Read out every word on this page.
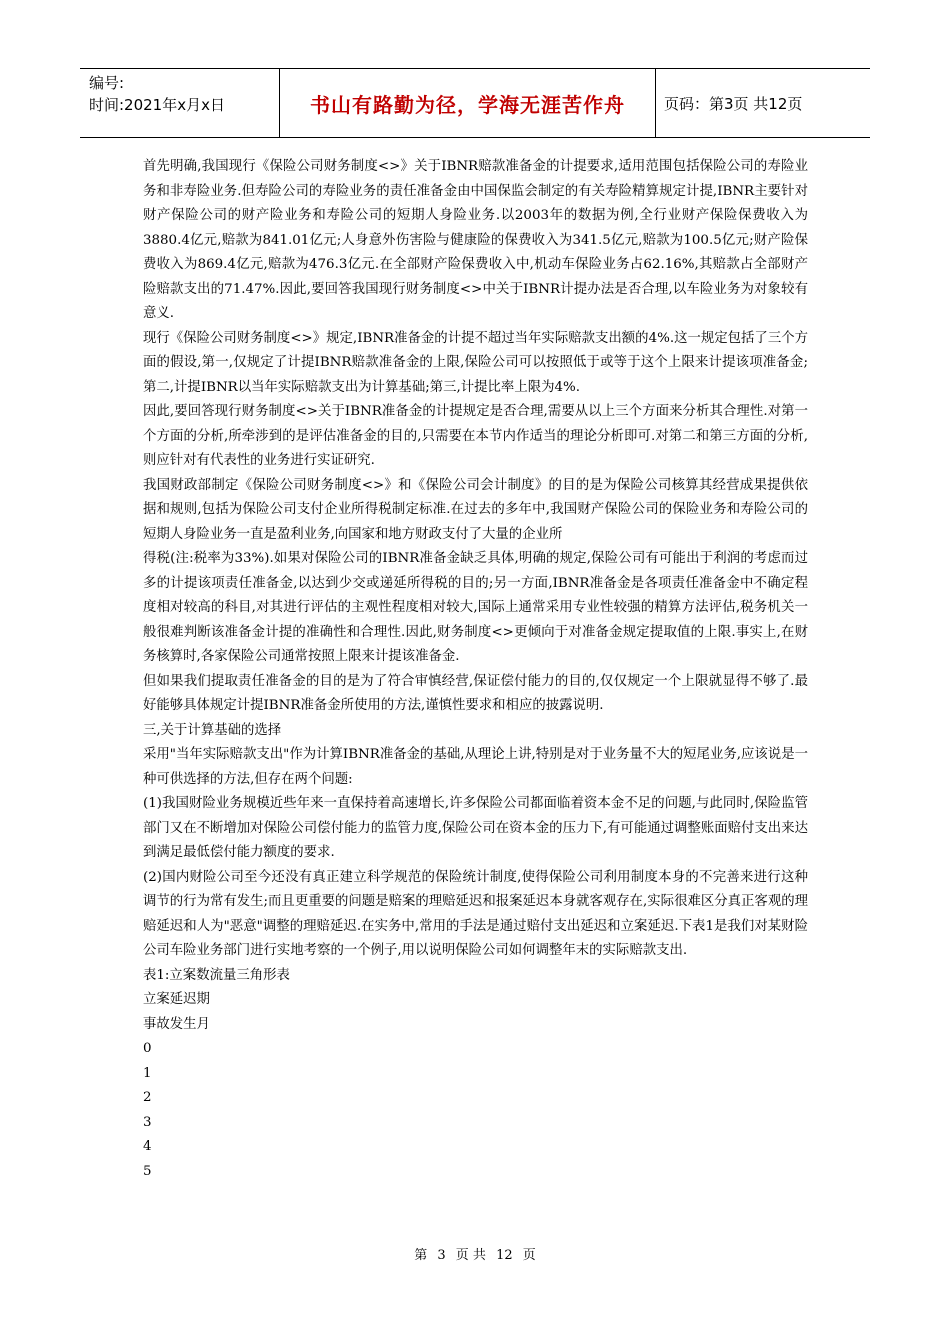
编号:
时间:2021年x月x日	书山有路勤为径，学海无涯苦作舟	页码：第3页 共12页

首先明确,我国现行《保险公司财务制度<>》关于IBNR赔款准备金的计提要求,适用范围包括保险公司的寿险业务和非寿险业务.但寿险公司的寿险业务的责任准备金由中国保监会制定的有关寿险精算规定计提,IBNR主要针对财产保险公司的财产险业务和寿险公司的短期人身险业务.以2003年的数据为例,全行业财产保险保费收入为3880.4亿元,赔款为841.01亿元;人身意外伤害险与健康险的保费收入为341.5亿元,赔款为100.5亿元;财产险保费收入为869.4亿元,赔款为476.3亿元.在全部财产险保费收入中,机动车保险业务占62.16%,其赔款占全部财产险赔款支出的71.47%.因此,要回答我国现行财务制度<>中关于IBNR计提办法是否合理,以车险业务为对象较有意义.

现行《保险公司财务制度<>》规定,IBNR准备金的计提不超过当年实际赔款支出额的4%.这一规定包括了三个方面的假设,第一,仅规定了计提IBNR赔款准备金的上限,保险公司可以按照低于或等于这个上限来计提该项准备金;第二,计提IBNR以当年实际赔款支出为计算基础;第三,计提比率上限为4%.

因此,要回答现行财务制度<>关于IBNR准备金的计提规定是否合理,需要从以上三个方面来分析其合理性.对第一个方面的分析,所牵涉到的是评估准备金的目的,只需要在本节内作适当的理论分析即可.对第二和第三方面的分析,则应针对有代表性的业务进行实证研究.

我国财政部制定《保险公司财务制度<>》和《保险公司会计制度》的目的是为保险公司核算其经营成果提供依据和规则,包括为保险公司支付企业所得税制定标准.在过去的多年中,我国财产保险公司的保险业务和寿险公司的短期人身险业务一直是盈利业务,向国家和地方财政支付了大量的企业所

得税(注:税率为33%).如果对保险公司的IBNR准备金缺乏具体,明确的规定,保险公司有可能出于利润的考虑而过多的计提该项责任准备金,以达到少交或递延所得税的目的;另一方面,IBNR准备金是各项责任准备金中不确定程度相对较高的科目,对其进行评估的主观性程度相对较大,国际上通常采用专业性较强的精算方法评估,税务机关一般很难判断该准备金计提的准确性和合理性.因此,财务制度<>更倾向于对准备金规定提取值的上限.事实上,在财务核算时,各家保险公司通常按照上限来计提该准备金.

但如果我们提取责任准备金的目的是为了符合审慎经营,保证偿付能力的目的,仅仅规定一个上限就显得不够了.最好能够具体规定计提IBNR准备金所使用的方法,谨慎性要求和相应的披露说明.

三,关于计算基础的选择

采用"当年实际赔款支出"作为计算IBNR准备金的基础,从理论上讲,特别是对于业务量不大的短尾业务,应该说是一种可供选择的方法,但存在两个问题:

(1)我国财险业务规模近些年来一直保持着高速增长,许多保险公司都面临着资本金不足的问题,与此同时,保险监管部门又在不断增加对保险公司偿付能力的监管力度,保险公司在资本金的压力下,有可能通过调整账面赔付支出来达到满足最低偿付能力额度的要求.

(2)国内财险公司至今还没有真正建立科学规范的保险统计制度,使得保险公司利用制度本身的不完善来进行这种调节的行为常有发生;而且更重要的问题是赔案的理赔延迟和报案延迟本身就客观存在,实际很难区分真正客观的理赔延迟和人为"恶意"调整的理赔延迟.在实务中,常用的手法是通过赔付支出延迟和立案延迟.下表1是我们对某财险公司车险业务部门进行实地考察的一个例子,用以说明保险公司如何调整年末的实际赔款支出.

表1:立案数流量三角形表
立案延迟期
事故发生月
0
1
2
3
4
5
第 3 页 共 12 页
